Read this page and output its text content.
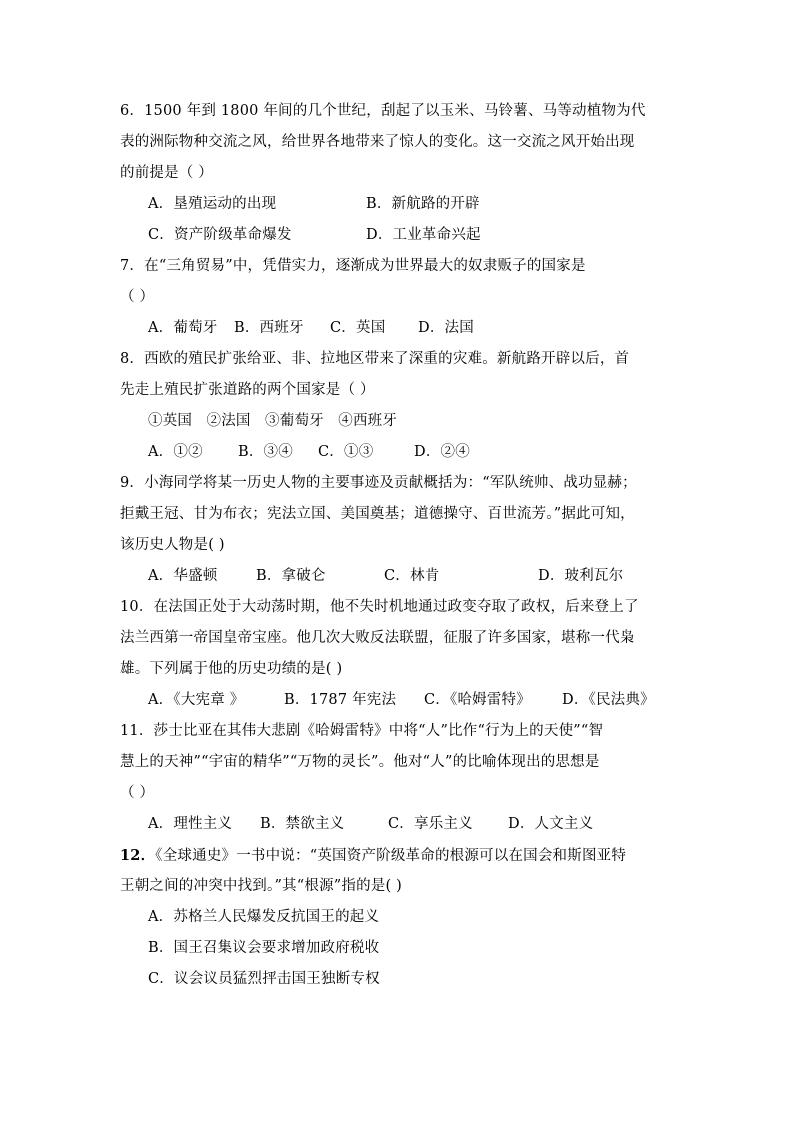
6．1500 年到 1800 年间的几个世纪，刮起了以玉米、马铃薯、马等动植物为代
表的洲际物种交流之风，给世界各地带来了惊人的变化。这一交流之风开始出现
的前提是（ ）
A．垦殖运动的出现	B．新航路的开辟
C．资产阶级革命爆发	D．工业革命兴起
7．在“三角贸易”中，凭借实力，逐渐成为世界最大的奴隶贩子的国家是
（ ）
A．葡萄牙	B．西班牙	C．英国	D．法国
8．西欧的殖民扩张给亚、非、拉地区带来了深重的灾难。新航路开辟以后，首
先走上殖民扩张道路的两个国家是（ ）
①英国   ②法国   ③葡萄牙   ④西班牙
A．①②	B．③④	C．①③	D．②④
9．小海同学将某一历史人物的主要事迹及贡献概括为：“军队统帅、战功显赫；
拒戴王冠、甘为布衣；宪法立国、美国奠基；道德操守、百世流芳。”据此可知，
该历史人物是( )
A．华盛顿	B．拿破仑	C．林肯	D．玻利瓦尔
10．在法国正处于大动荡时期，他不失时机地通过政变夺取了政权，后来登上了
法兰西第一帝国皇帝宝座。他几次大败反法联盟，征服了许多国家，堪称一代枭
雄。下列属于他的历史功绩的是( )
A．《大宪章 》	B．1787 年宪法	C．《哈姆雷特》	D．《民法典》
11．莎士比亚在其伟大悲剧《哈姆雷特》中将“人”比作“行为上的天使”“智
慧上的天神”“宇宙的精华”“万物的灵长”。他对“人”的比喻体现出的思想是
（ ）
A．理性主义	B．禁欲主义	C．享乐主义	D．人文主义
12．《全球通史》一书中说：“英国资产阶级革命的根源可以在国会和斯图亚特
王朝之间的冲突中找到。”其“根源”指的是( )
A．苏格兰人民爆发反抗国王的起义
B．国王召集议会要求增加政府税收
C．议会议员猛烈抨击国王独断专权
